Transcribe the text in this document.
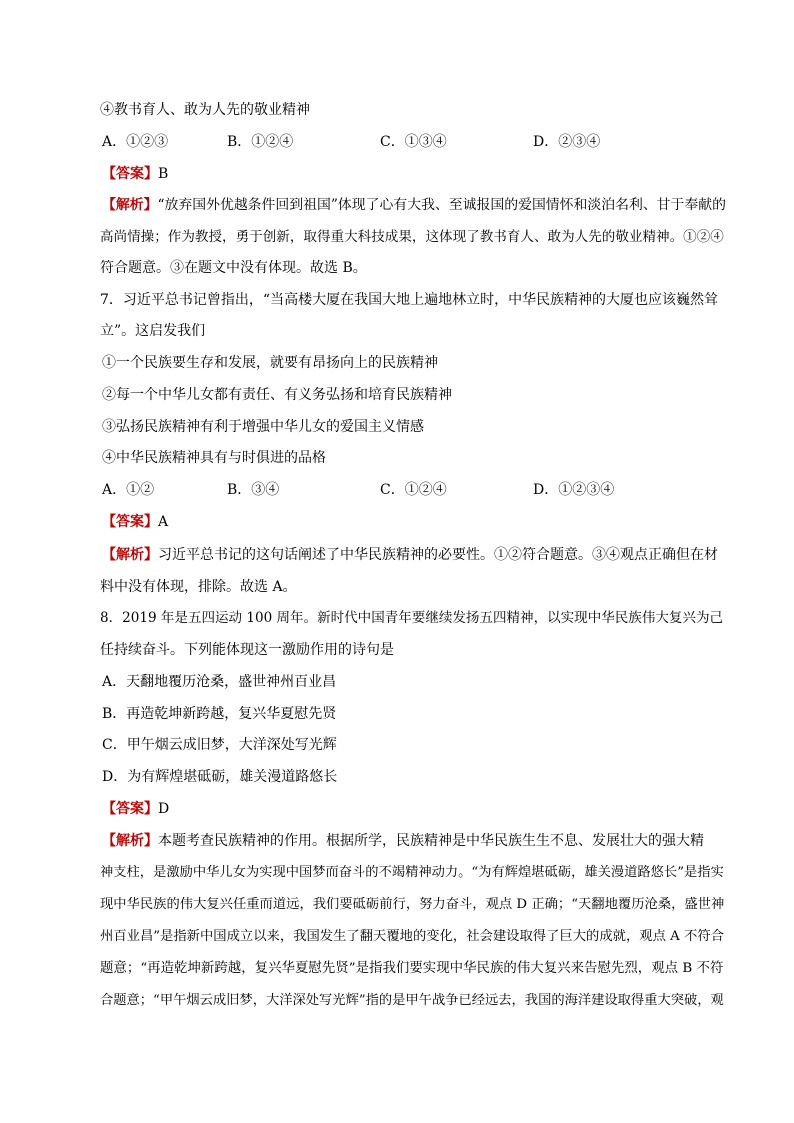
④教书育人、敢为人先的敬业精神
A．①②③	B．①②④	C．①③④	D．②③④
【答案】B
【解析】“放弃国外优越条件回到祖国”体现了心有大我、至诚报国的爱国情怀和淡泊名利、甘于奉献的
高尚情操；作为教授，勇于创新，取得重大科技成果，这体现了教书育人、敢为人先的敬业精神。①②④
符合题意。③在题文中没有体现。故选 B。
7．习近平总书记曾指出，“当高楼大厦在我国大地上遍地林立时，中华民族精神的大厦也应该巍然耸
立”。这启发我们
①一个民族要生存和发展，就要有昂扬向上的民族精神
②每一个中华儿女都有责任、有义务弘扬和培育民族精神
③弘扬民族精神有利于增强中华儿女的爱国主义情感
④中华民族精神具有与时俱进的品格
A．①②	B．③④	C．①②④	D．①②③④
【答案】A
【解析】习近平总书记的这句话阐述了中华民族精神的必要性。①②符合题意。③④观点正确但在材
料中没有体现，排除。故选 A。
8．2019 年是五四运动 100 周年。新时代中国青年要继续发扬五四精神，以实现中华民族伟大复兴为己
任持续奋斗。下列能体现这一激励作用的诗句是
A．天翻地覆历沧桑，盛世神州百业昌
B．再造乾坤新跨越，复兴华夏慰先贤
C．甲午烟云成旧梦，大洋深处写光辉
D．为有辉煌堪砥砺，雄关漫道路悠长
【答案】D
【解析】本题考查民族精神的作用。根据所学，民族精神是中华民族生生不息、发展壮大的强大精
神支柱，是激励中华儿女为实现中国梦而奋斗的不竭精神动力。“为有辉煌堪砥砺，雄关漫道路悠长”是指实
现中华民族的伟大复兴任重而道远，我们要砥砺前行，努力奋斗，观点 D 正确；“天翻地覆历沧桑，盛世神
州百业昌”是指新中国成立以来，我国发生了翻天覆地的变化，社会建设取得了巨大的成就，观点 A 不符合
题意；“再造乾坤新跨越，复兴华夏慰先贤”是指我们要实现中华民族的伟大复兴来告慰先烈，观点 B 不符
合题意；“甲午烟云成旧梦，大洋深处写光辉”指的是甲午战争已经远去，我国的海洋建设取得重大突破，观
